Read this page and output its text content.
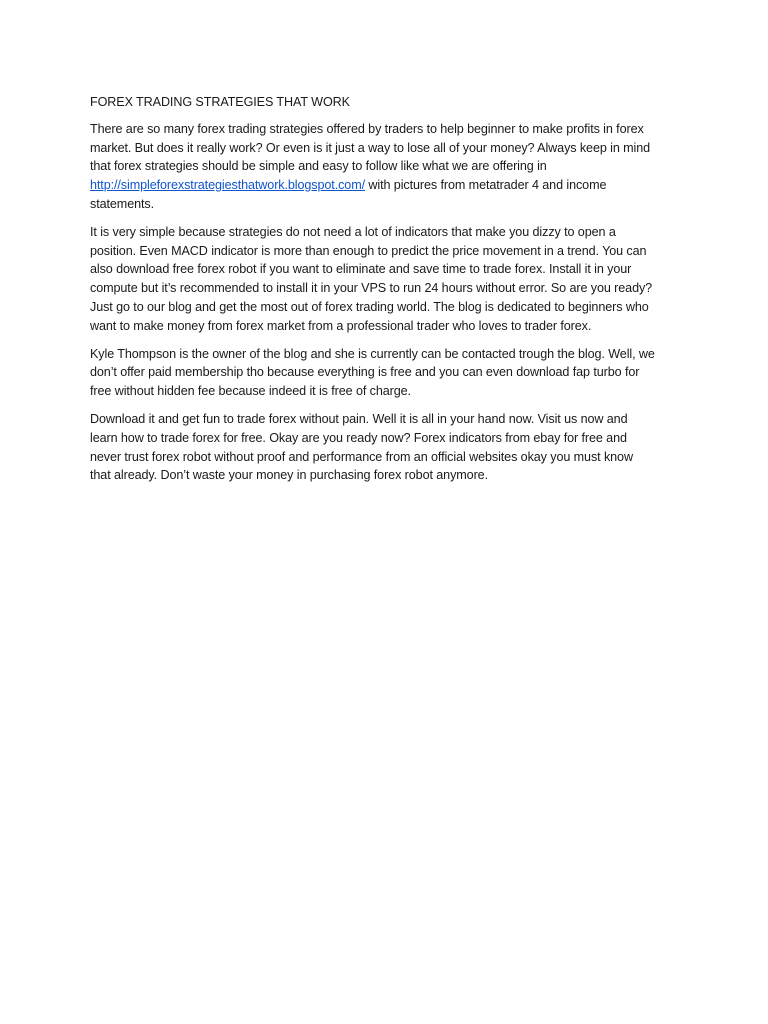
FOREX TRADING STRATEGIES THAT WORK
There are so many forex trading strategies offered by traders to help beginner to make profits in forex
market. But does it really work? Or even is it just a way to lose all of your money? Always keep in mind
that forex strategies should be simple and easy to follow like what we are offering in
http://simpleforexstrategiesthatwork.blogspot.com/ with pictures from metatrader 4 and income
statements.
It is very simple because strategies do not need a lot of indicators that make you dizzy to open a
position. Even MACD indicator is more than enough to predict the price movement in a trend. You can
also download free forex robot if you want to eliminate and save time to trade forex. Install it in your
compute but it’s recommended to install it in your VPS to run 24 hours without error. So are you ready?
Just go to our blog and get the most out of forex trading world. The blog is dedicated to beginners who
want to make money from forex market from a professional trader who loves to trader forex.
Kyle Thompson is the owner of the blog and she is currently can be contacted trough the blog. Well, we
don’t offer paid membership tho because everything is free and you can even download fap turbo for
free without hidden fee because indeed it is free of charge.
Download it and get fun to trade forex without pain. Well it is all in your hand now. Visit us now and
learn how to trade forex for free. Okay are you ready now? Forex indicators from ebay for free and
never trust forex robot without proof and performance from an official websites okay you must know
that already. Don’t waste your money in purchasing forex robot anymore.
